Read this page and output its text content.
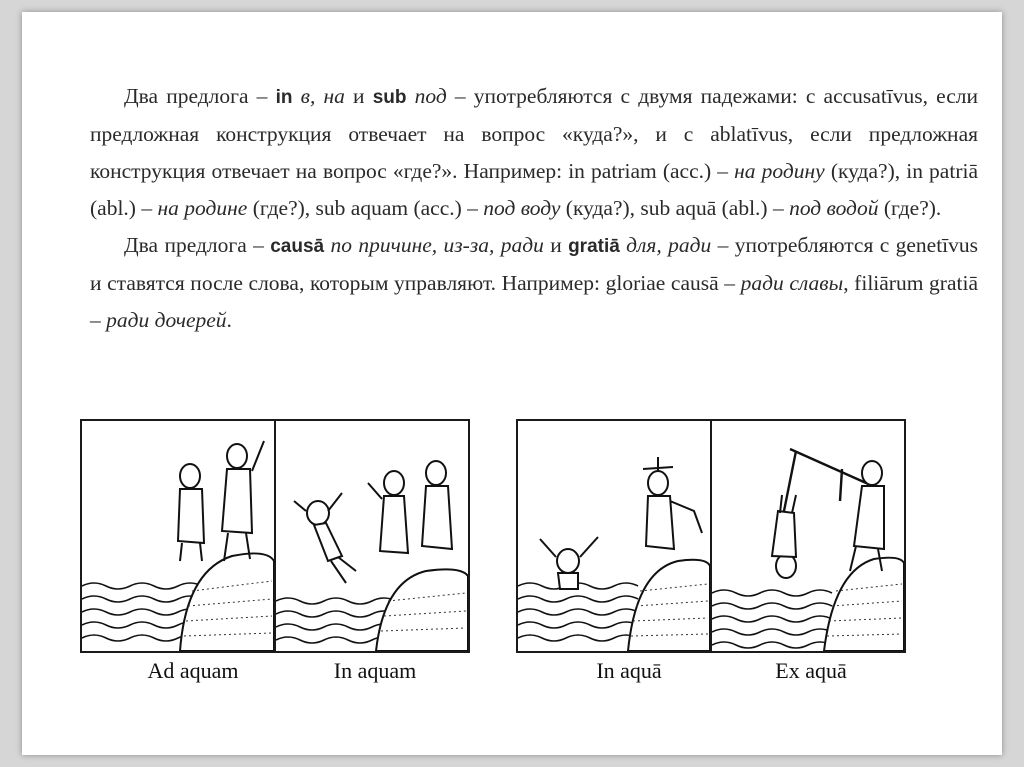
Два предлога – in в, на и sub под – употребляются с двумя падежами: с accusatīvus, если предложная конструкция отвечает на вопрос «куда?», и с ablatīvus, если предложная конструкция отвечает на вопрос «где?». Например: in patriam (acc.) – на родину (куда?), in patriā (abl.) – на родине (где?), sub aquam (acc.) – под воду (куда?), sub aquā (abl.) – под водой (где?).

Два предлога – causā по причине, из-за, ради и gratiā для, ради – употребляются с genetīvus и ставятся после слова, которым управляют. Например: gloriae causā – ради славы, filiārum gratiā – ради дочерей.

Ad aquam	In aquam	In aquā	Ex aquā
